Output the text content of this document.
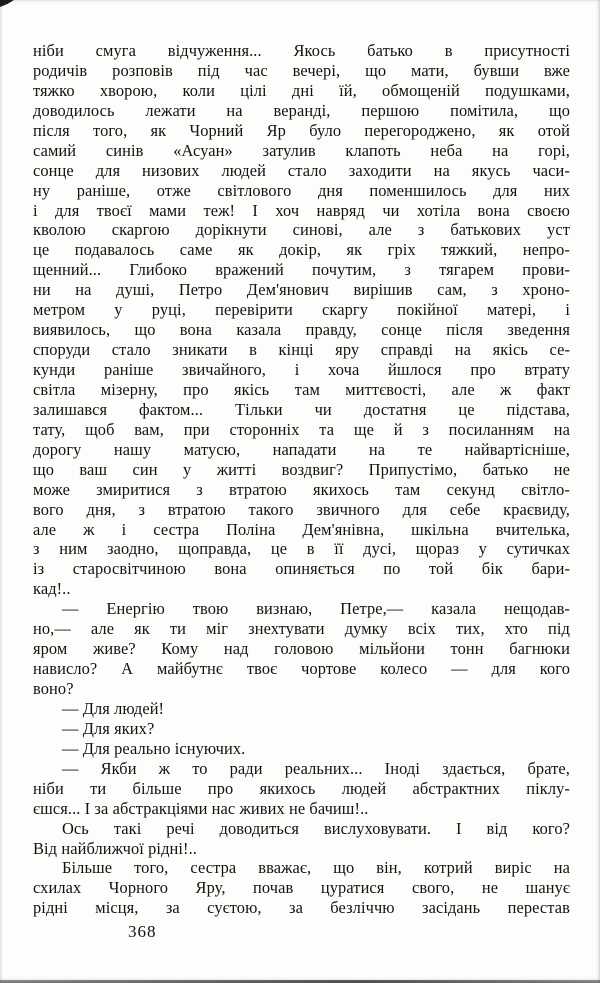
ніби смуга відчуження... Якось батько в присутності
родичів розповів під час вечері, що мати, бувши вже
тяжко хворою, коли цілі дні їй, обмощеній подушками,
доводилось лежати на веранді, першою помітила, що
після того, як Чорний Яр було перегороджено, як отой
самий синів «Асуан» затулив клапоть неба на горі,
сонце для низових людей стало заходити на якусь часи-
ну раніше, отже світлового дня поменшилось для них
і для твоєї мами теж! І хоч навряд чи хотіла вона своєю
кволою скаргою дорікнути синові, але з батькових уст
це подавалось саме як докір, як гріх тяжкий, непро-
щенний... Глибоко вражений почутим, з тягарем прови-
ни на душі, Петро Дем'янович вирішив сам, з хроно-
метром у руці, перевірити скаргу покійної матері, і
виявилось, що вона казала правду, сонце після зведення
споруди стало зникати в кінці яру справді на якісь се-
кунди раніше звичайного, і хоча йшлося про втрату
світла мізерну, про якісь там миттєвості, але ж факт
залишався фактом... Тільки чи достатня це підстава,
тату, щоб вам, при сторонніх та ще й з посиланням на
дорогу нашу матусю, нападати на те найвартісніше,
що ваш син у житті воздвиг? Припустімо, батько не
може змиритися з втратою якихось там секунд світло-
вого дня, з втратою такого звичного для себе краєвиду,
але ж і сестра Поліна Дем'янівна, шкільна вчителька,
з ним заодно, щоправда, це в її дусі, щораз у сутичках
із старосвітчиною вона опиняється по той бік бари-
кад!..
— Енергію твою визнаю, Петре,— казала нещодав-
но,— але як ти міг знехтувати думку всіх тих, хто під
яром живе? Кому над головою мільйони тонн багнюки
нависло? А майбутнє твоє чортове колесо — для кого
воно?
— Для людей!
— Для яких?
— Для реально існуючих.
— Якби ж то ради реальних... Іноді здається, брате,
ніби ти більше про якихось людей абстрактних піклу-
єшся... І за абстракціями нас живих не бачиш!..
Ось такі речі доводиться вислуховувати. І від кого?
Від найближчої рідні!..
Більше того, сестра вважає, що він, котрий виріс на
схилах Чорного Яру, почав цуратися свого, не шанує
рідні місця, за суєтою, за безліччю засідань перестав
368
